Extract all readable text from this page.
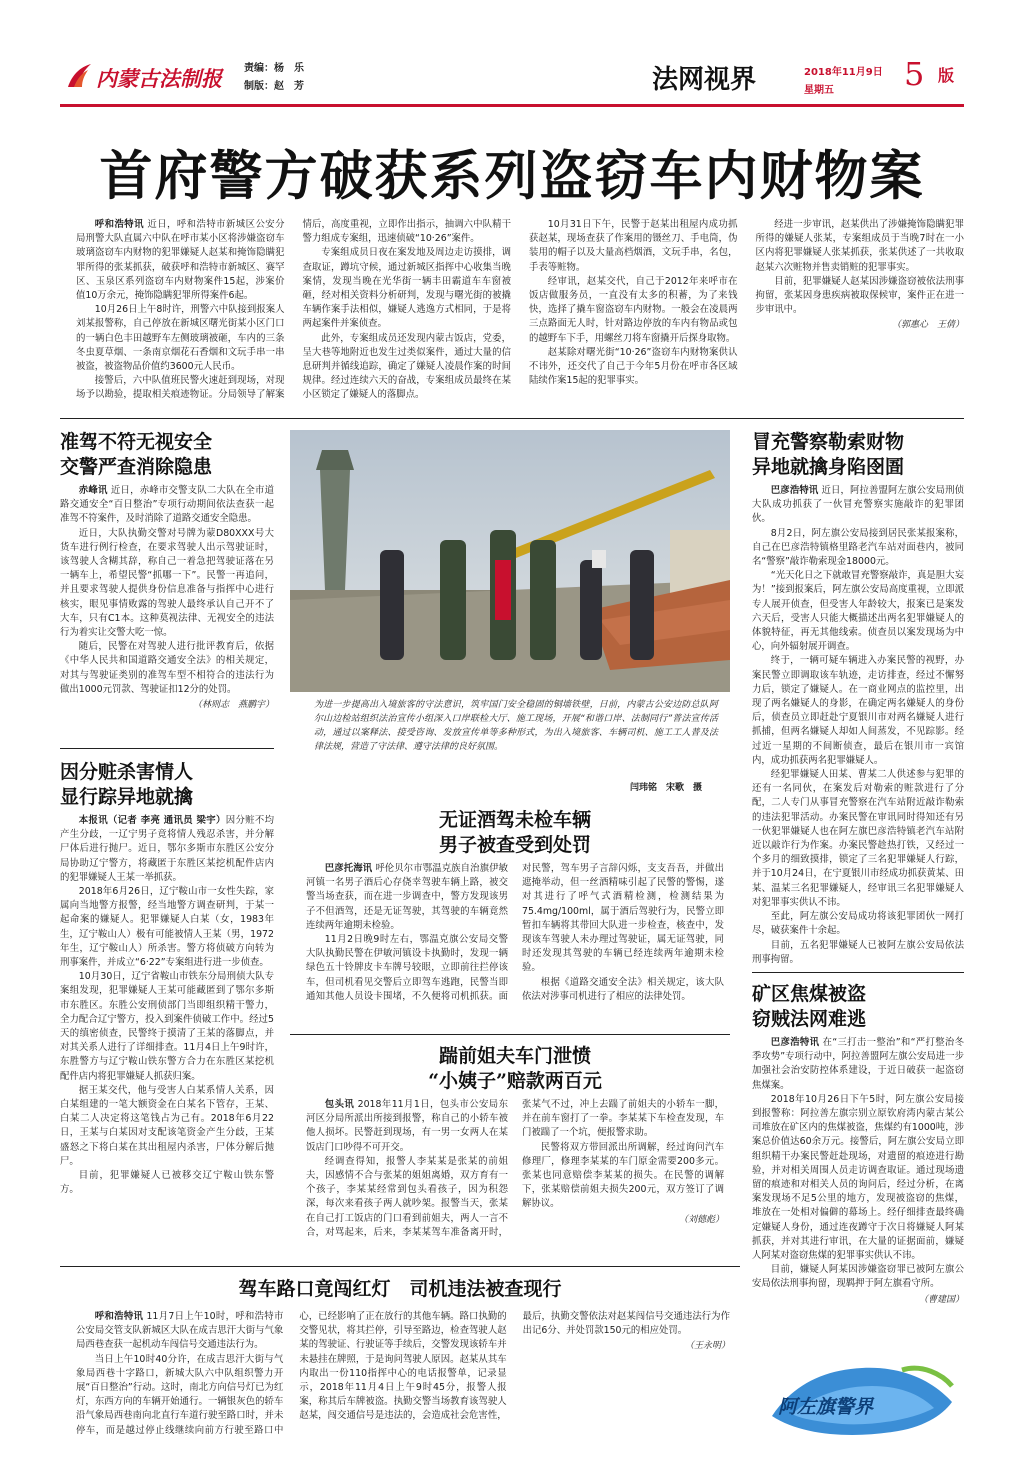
内蒙古法制报 责编：杨　乐
制版：赵　芳	法网视界	2018年11月9日
星期五 5 版
首府警方破获系列盗窃车内财物案

呼和浩特讯 近日，呼和浩特市新城区公安分局刑警大队直属六中队在呼市某小区将涉嫌盗窃车玻璃盗窃车内财物的犯罪嫌疑人赵某和掩饰隐瞒犯罪所得的张某抓获，破获呼和浩特市新城区、赛罕区、玉泉区系列盗窃车内财物案件15起，涉案价值10万余元，掩饰隐瞒犯罪所得案件6起。

10月26日上午8时许，刑警六中队接到报案人刘某报警称，自己停放在新城区曙光街某小区门口的一辆白色丰田越野车左侧玻璃被砸，车内的三条冬虫夏草烟、一条南京烟花石香烟和文玩手串一串被盗，被盗物品价值约3600元人民币。

接警后，六中队值班民警火速赶到现场，对现场予以勘验，提取相关痕迹物证。分局领导了解案情后，高度重视，立即作出指示，抽调六中队精干警力组成专案组，迅速侦破“10·26”案件。

专案组成员日夜在案发地及周边走访摸排，调查取证，蹲坑守候，通过新城区指挥中心收集当晚案情，发现当晚在光华街一辆丰田霸道车车窗被砸，经对相关资料分析研判，发现与曙光街的被撬车辆作案手法相似，嫌疑人逃逸方式相同，于是将两起案件并案侦查。

此外，专案组成员还发现内蒙古饭店，党委，呈大巷等地附近也发生过类似案件，通过大量的信息研判并循线追踪，确定了嫌疑人凌晨作案的时间规律。经过连续六天的奋战，专案组成员最终在某小区锁定了嫌疑人的落脚点。

10月31日下午，民警于赵某出租屋内成功抓获赵某，现场查获了作案用的镊丝刀、手电筒，伪装用的帽子以及大量高档烟酒，文玩手串，名包，手表等赃物。

经审讯，赵某交代，自己于2012年来呼市在饭店做服务员，一直没有太多的积蓄，为了来钱快，选择了撬车窗盗窃车内财物。一般会在凌晨两三点路面无人时，针对路边停放的车内有物品或包的越野车下手，用螺丝刀将车窗撬开后探身取物。

赵某除对曙光街“10·26”盗窃车内财物案供认不讳外，还交代了自己于今年5月份在呼市各区域陆续作案15起的犯罪事实。

经进一步审讯，赵某供出了涉嫌掩饰隐瞒犯罪所得的嫌疑人张某，专案组成员于当晚7时在一小区内将犯罪嫌疑人张某抓获，张某供述了一共收取赵某六次赃物并售卖销赃的犯罪事实。

目前，犯罪嫌疑人赵某因涉嫌盗窃被依法刑事拘留，张某因身患疾病被取保候审，案件正在进一步审讯中。

（郭惠心　王倩）

准驾不符无视安全
交警严查消除隐患

赤峰讯 近日，赤峰市交警支队二大队在全市道路交通安全“百日整治”专项行动期间依法查获一起准驾不符案件，及时消除了道路交通安全隐患。

近日，大队执勤交警对号牌为蒙D80XXX号大货车进行例行检查，在要求驾驶人出示驾驶证时，该驾驶人含糊其辞，称自己一着急把驾驶证落在另一辆车上，希望民警“抓哪一下”。民警一再追问，并且要求驾驶人提供身份信息准备与指挥中心进行核实，眼见事情败露的驾驶人最终承认自己开不了大车，只有C1本。这种莫视法律、无视安全的违法行为着实让交警大吃一惊。

随后，民警在对驾驶人进行批评教育后，依据《中华人民共和国道路交通安全法》的相关规定，对其与驾驶证类别的准驾车型不相符合的违法行为做出1000元罚款、驾驶证扣12分的处罚。

（林则志　燕鹏宇）

因分赃杀害情人
显行踪异地就擒

本报讯（记者 李亮 通讯员 梁宇）因分赃不均产生分歧，一辽宁男子竟将情人残忍杀害，并分解尸体后进行抛尸。近日，鄂尔多斯市东胜区公安分局协助辽宁警方，将藏匿于东胜区某挖机配件店内的犯罪嫌疑人王某一举抓获。

2018年6月26日，辽宁鞍山市一女性失踪，家属向当地警方报警，经当地警方调查研判，于某一起命案的嫌疑人。犯罪嫌疑人白某（女，1983年生，辽宁鞍山人）极有可能被情人王某（男，1972年生，辽宁鞍山人）所杀害。警方将侦破方向转为刑事案件，并成立“6·22”专案组进行进一步侦查。

10月30日，辽宁省鞍山市铁东分局刑侦大队专案组发现，犯罪嫌疑人王某可能藏匿到了鄂尔多斯市东胜区。东胜公安刑侦部门当即组织精干警力，全力配合辽宁警方，投入到案件侦破工作中。经过5天的缜密侦查，民警终于摸清了王某的落脚点，并对其关系人进行了详细排查。11月4日上午9时许，东胜警方与辽宁鞍山铁东警方合力在东胜区某挖机配件店内将犯罪嫌疑人抓获归案。

据王某交代，他与受害人白某系情人关系，因白某组建的一笔大额资金在白某名下管存，王某、白某二人决定将这笔钱占为己有。2018年6月22日，王某与白某因对支配该笔资金产生分歧，王某盛怒之下将白某在其出租屋内杀害，尸体分解后抛尸。

目前，犯罪嫌疑人已被移交辽宁鞍山铁东警方。

为进一步提高出入境旅客的守法意识，筑牢国门安全稳固的铜墙铁壁，日前，内蒙古公安边防总队阿尔山边检站组织法治宣传小组深入口岸联检大厅、施工现场，开展“和谐口岸、法制同行”普法宣传活动，通过以案释法、接受咨询、发放宣传单等多种形式，为出入境旅客、车辆司机、施工工人普及法律法规，营造了守法律、遵守法律的良好氛围。
闫玮铭　宋歌　摄
无证酒驾未检车辆
男子被查受到处罚

巴彦托海讯 呼伦贝尔市鄂温克族自治旗伊敏河镇一名男子酒后心存侥幸驾驶车辆上路，被交警当场查获，而在进一步调查中，警方发现该男子不但酒驾，还是无证驾驶，其驾驶的车辆竟然连续两年逾期未检验。

11月2日晚9时左右，鄂温克旗公安局交警大队执勤民警在伊敏河镇设卡执勤时，发现一辆绿色五十铃牌皮卡车牌号较眼，立即前往拦停该车，但司机看见交警后立即驾车逃跑，民警当即通知其他人员设卡围堵，不久便将司机抓获。面对民警，驾车男子言辞闪烁，支支吾吾，并做出遮掩举动，但一丝酒精味引起了民警的警惕，遂对其进行了呼气式酒精检测，检测结果为75.4mg/100ml，属于酒后驾驶行为，民警立即暂扣车辆将其带回大队进一步检查，核查中，发现该车驾驶人未办理过驾驶证，属无证驾驶，同时还发现其驾驶的车辆已经连续两年逾期未检验。

根据《道路交通安全法》相关规定，该大队依法对涉事司机进行了相应的法律处罚。

踹前姐夫车门泄愤
“小姨子”赔款两百元

包头讯 2018年11月1日，包头市公安局东河区分局所派出所接到报警，称自己的小轿车被他人损坏。民警赶到现场，有一男一女两人在某饭店门口吵得不可开交。

经调查得知，报警人李某某是张某的前姐夫，因感情不合与张某的姐姐离婚，双方育有一个孩子，李某某经常到包头看孩子，因为积怨深，每次来看孩子两人就吵架。报警当天，张某在自己打工饭店的门口看到前姐夫，两人一言不合，对骂起来，后来，李某某驾车准备离开时，张某气不过，冲上去踹了前姐夫的小轿车一脚，并在前车窗打了一拳。李某某下车检查发现，车门被踹了一个坑，便报警求助。

民警将双方带回派出所调解，经过询问汽车修理厂，修理李某某的车门原金需要200多元。张某也同意赔偿李某某的损失。在民警的调解下，张某赔偿前姐夫损失200元，双方签订了调解协议。

（刘德彪）

冒充警察勒索财物
异地就擒身陷囹圄

巴彦浩特讯 近日，阿拉善盟阿左旗公安局刑侦大队成功抓获了一伙冒充警察实施敲诈的犯罪团伙。

8月2日，阿左旗公安局接到居民张某报案称，自己在巴彦浩特镇格里路老汽车站对面巷内，被同名“警察”敲诈勒索现金18000元。

“光天化日之下就敢冒充警察敲诈，真是胆大妄为！”接到报案后，阿左旗公安局高度重视，立即派专人展开侦查，但受害人年龄较大，报案已是案发六天后，受害人只能大概描述出两名犯罪嫌疑人的体貌特征，再无其他线索。侦查员以案发现场为中心，向外辐射展开调查。

终于，一辆可疑车辆进入办案民警的视野，办案民警立即调取该车轨迹，走访排查，经过不懈努力后，锁定了嫌疑人。在一商业网点的监控里，出现了两名嫌疑人的身影，在确定两名嫌疑人的身份后，侦查员立即赶赴宁夏银川市对两名嫌疑人进行抓捕，但两名嫌疑人却如人间蒸发，不见踪影。经过近一星期的不间断侦查，最后在银川市一宾馆内，成功抓获两名犯罪嫌疑人。

经犯罪嫌疑人田某、曹某二人供述参与犯罪的还有一名同伙，在案发后对勒索的赃款进行了分配，二人专门从事冒充警察在汽车站附近敲诈勒索的违法犯罪活动。办案民警在审讯同时得知还有另一伙犯罪嫌疑人也在阿左旗巴彦浩特镇老汽车站附近以敲诈行为作案。办案民警趁热打铁，又经过一个多月的细致摸排，锁定了三名犯罪嫌疑人行踪，并于10月24日，在宁夏银川市经成功抓获黄某、田某、温某三名犯罪嫌疑人，经审讯三名犯罪嫌疑人对犯罪事实供认不讳。

至此，阿左旗公安局成功将该犯罪团伙一网打尽，破获案件十余起。

目前，五名犯罪嫌疑人已被阿左旗公安局依法刑事拘留。

矿区焦煤被盗
窃贼法网难逃

巴彦浩特讯 在“三打击一整治”和“严打整治冬季攻势”专项行动中，阿拉善盟阿左旗公安局进一步加强社会治安防控体系建设，于近日破获一起盗窃焦煤案。

2018年10月26日下午5时，阿左旗公安局接到报警称：阿拉善左旗宗别立原钦府湾内蒙古某公司堆放在矿区内的焦煤被盗，焦煤约有1000吨，涉案总价值达60余万元。接警后，阿左旗公安局立即组织精干办案民警赶赴现场，对遗留的痕迹进行勘验，并对相关周围人员走访调查取证。通过现场遗留的痕迹和对相关人员的询问后，经过分析，在离案发现场不足5公里的地方，发现被盗窃的焦煤，堆放在一处相对偏僻的幕场上。经仔细排查最终确定嫌疑人身份，通过连夜蹲守于次日将嫌疑人阿某抓获，并对其进行审讯，在大量的证据面前，嫌疑人阿某对盗窃焦煤的犯罪事实供认不讳。

目前，嫌疑人阿某因涉嫌盗窃罪已被阿左旗公安局依法刑事拘留，现羁押于阿左旗看守所。

（曹建国）

驾车路口竟闯红灯　司机违法被查现行

呼和浩特讯 11月7日上午10时，呼和浩特市公安局交管支队新城区大队在成吉思汗大街与气象局西巷查获一起机动车闯信号交通违法行为。

当日上午10时40分许，在成吉思汗大街与气象局西巷十字路口，新城大队六中队组织警力开展“百日整治”行动。这时，南北方向信号灯已为红灯，东西方向的车辆开始通行。一辆银灰色的轿车沿气象局西巷南向北直行车道行驶至路口时，并未停车，而是越过停止线继续向前方行驶至路口中心，已经影响了正在放行的其他车辆。路口执勤的交警见状，将其拦停，引导至路边，检查驾驶人赵某的驾驶证、行驶证等手续后，交警发现该轿车并未悬挂在牌照，于是询问驾驶人原因。赵某从其车内取出一份110指挥中心的电话报警单，记录显示，2018年11月4日上午9时45分，报警人报案，称其后车牌被盗。执勤交警当场教育该驾驶人赵某，闯交通信号是违法的，会造成社会危害性，最后，执勤交警依法对赵某闯信号交通违法行为作出记6分、并处罚款150元的相应处罚。

（王永明）

阿左旗警界
